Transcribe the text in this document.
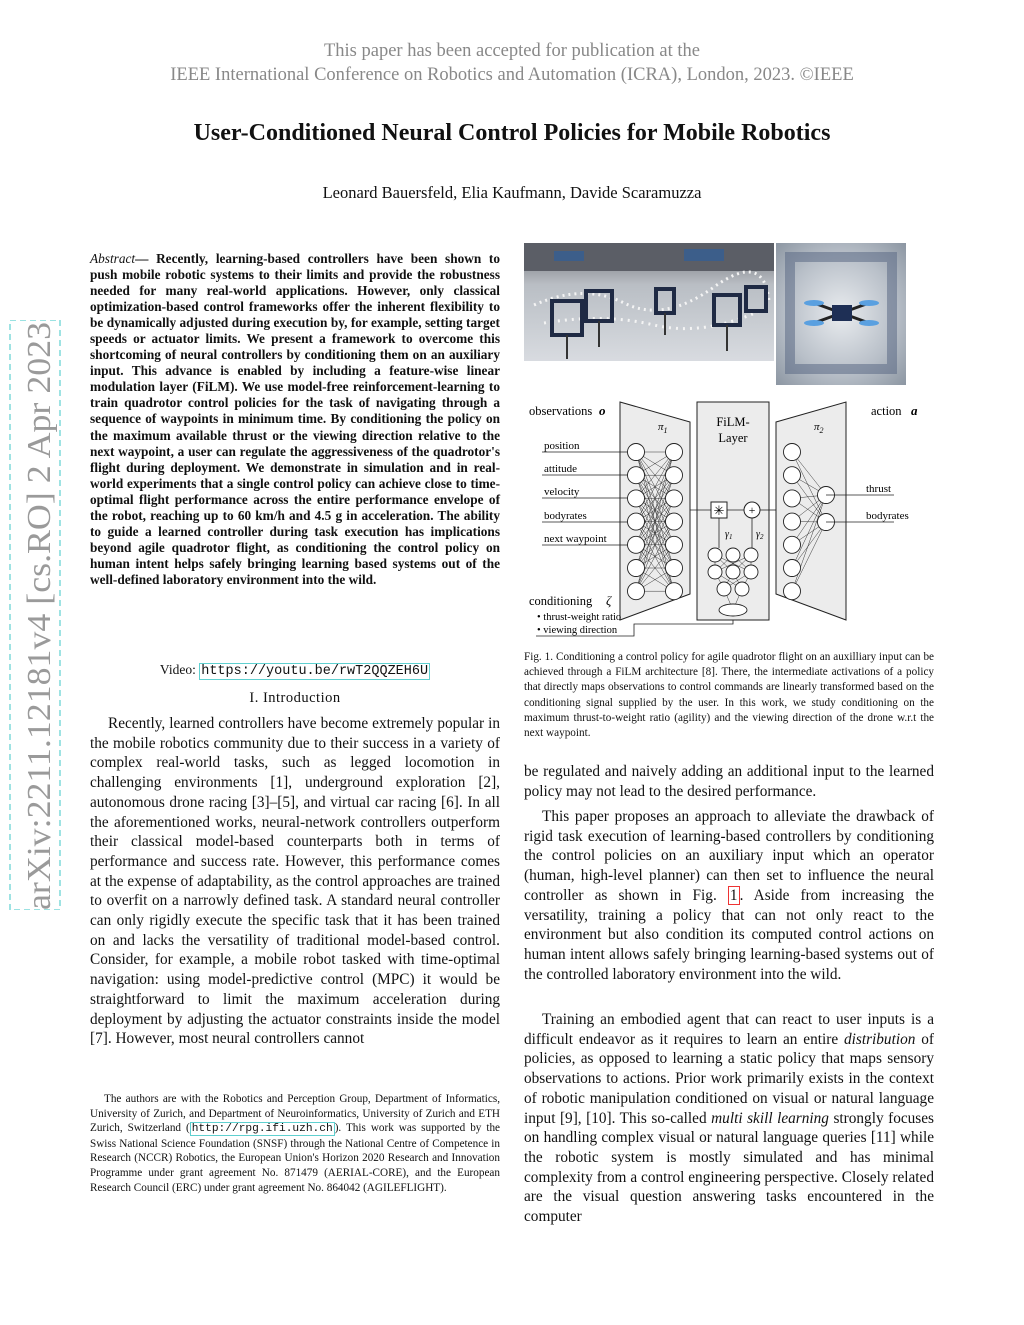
This paper has been accepted for publication at the
IEEE International Conference on Robotics and Automation (ICRA), London, 2023. ©IEEE
User-Conditioned Neural Control Policies for Mobile Robotics
Leonard Bauersfeld, Elia Kaufmann, Davide Scaramuzza
arXiv:2211.12181v4 [cs.RO] 2 Apr 2023
Abstract— Recently, learning-based controllers have been shown to push mobile robotic systems to their limits and provide the robustness needed for many real-world applications. However, only classical optimization-based control frameworks offer the inherent flexibility to be dynamically adjusted during execution by, for example, setting target speeds or actuator limits. We present a framework to overcome this shortcoming of neural controllers by conditioning them on an auxiliary input. This advance is enabled by including a feature-wise linear modulation layer (FiLM). We use model-free reinforcement-learning to train quadrotor control policies for the task of navigating through a sequence of waypoints in minimum time. By conditioning the policy on the maximum available thrust or the viewing direction relative to the next waypoint, a user can regulate the aggressiveness of the quadrotor's flight during deployment. We demonstrate in simulation and in real-world experiments that a single control policy can achieve close to time-optimal flight performance across the entire performance envelope of the robot, reaching up to 60 km/h and 4.5 g in acceleration. The ability to guide a learned controller during task execution has implications beyond agile quadrotor flight, as conditioning the control policy on human intent helps safely bringing learning based systems out of the well-defined laboratory environment into the wild.
Video: https://youtu.be/rwT2QQZEH6U
I. Introduction
Recently, learned controllers have become extremely popular in the mobile robotics community due to their success in a variety of complex real-world tasks, such as legged locomotion in challenging environments [1], underground exploration [2], autonomous drone racing [3]–[5], and virtual car racing [6]. In all the aforementioned works, neural-network controllers outperform their classical model-based counterparts both in terms of performance and success rate. However, this performance comes at the expense of adaptability, as the control approaches are trained to overfit on a narrowly defined task. A standard neural controller can only rigidly execute the specific task that it has been trained on and lacks the versatility of traditional model-based control. Consider, for example, a mobile robot tasked with time-optimal navigation: using model-predictive control (MPC) it would be straightforward to limit the maximum acceleration during deployment by adjusting the actuator constraints inside the model [7]. However, most neural controllers cannot
The authors are with the Robotics and Perception Group, Department of Informatics, University of Zurich, and Department of Neuroinformatics, University of Zurich and ETH Zurich, Switzerland ( http://rpg.ifi.uzh.ch ). This work was supported by the Swiss National Science Foundation (SNSF) through the National Centre of Competence in Research (NCCR) Robotics, the European Union's Horizon 2020 Research and Innovation Programme under grant agreement No. 871479 (AERIAL-CORE), and the European Research Council (ERC) under grant agreement No. 864042 (AGILEFLIGHT).
observations o	action a
$\pi_1$
FiLM-
Layer
$\pi_2$
position
attitude
velocity
bodyrates
next waypoint
✳ +
$\gamma_1$ $\gamma_2$
thrust
bodyrates
conditioning ζ
• thrust-weight ratio
• viewing direction
Fig. 1. Conditioning a control policy for agile quadrotor flight on an auxilliary input can be achieved through a FiLM architecture [8]. There, the intermediate activations of a policy that directly maps observations to control commands are linearly transformed based on the conditioning signal supplied by the user. In this work, we study conditioning on the maximum thrust-to-weight ratio (agility) and the viewing direction of the drone w.r.t the next waypoint.
be regulated and naively adding an additional input to the learned policy may not lead to the desired performance.
This paper proposes an approach to alleviate the drawback of rigid task execution of learning-based controllers by conditioning the control policies on an auxiliary input which an operator (human, high-level planner) can then set to influence the neural controller as shown in Fig. 1 . Aside from increasing the versatility, training a policy that can not only react to the environment but also condition its computed control actions on human intent allows safely bringing learning-based systems out of the controlled laboratory environment into the wild.
Training an embodied agent that can react to user inputs is a difficult endeavor as it requires to learn an entire distribution of policies, as opposed to learning a static policy that maps sensory observations to actions. Prior work primarily exists in the context of robotic manipulation conditioned on visual or natural language input [9], [10]. This so-called multi skill learning strongly focuses on handling complex visual or natural language queries [11] while the robotic system is mostly simulated and has minimal complexity from a control engineering perspective. Closely related are the visual question answering tasks encountered in the computer
